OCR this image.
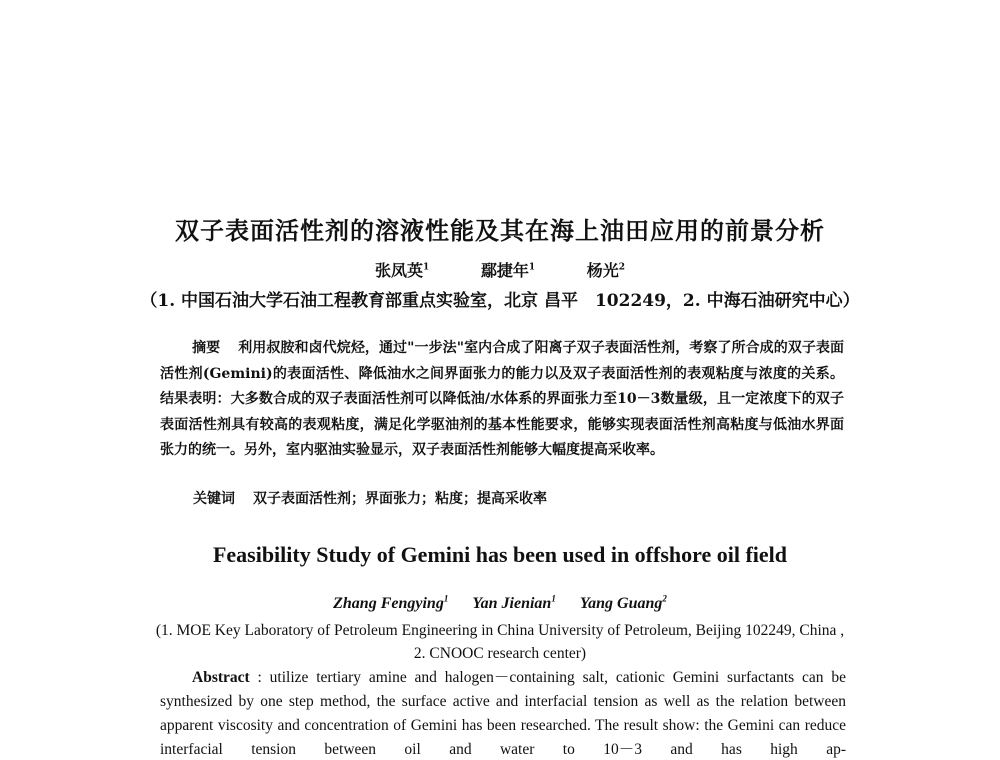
双子表面活性剂的溶液性能及其在海上油田应用的前景分析
张凤英$^1$	鄢捷年$^1$	杨光$^2$
（1. 中国石油大学石油工程教育部重点实验室，北京 昌平　102249，2. 中海石油研究中心）
摘要 利用叔胺和卤代烷烃，通过"一步法"室内合成了阳离子双子表面活性剂，考察了所合成的双子表面活性剂(Gemini)的表面活性、降低油水之间界面张力的能力以及双子表面活性剂的表观粘度与浓度的关系。结果表明：大多数合成的双子表面活性剂可以降低油/水体系的界面张力至10－3数量级，且一定浓度下的双子表面活性剂具有较高的表观粘度，满足化学驱油剂的基本性能要求，能够实现表面活性剂高粘度与低油水界面张力的统一。另外，室内驱油实验显示，双子表面活性剂能够大幅度提高采收率。
关键词 双子表面活性剂；界面张力；粘度；提高采收率
Feasibility Study of Gemini has been used in offshore oil field
Zhang Fengying$^1$ Yan Jienian$^1$ Yang Guang$^2$
(1. MOE Key Laboratory of Petroleum Engineering in China University of Petroleum, Beijing 102249, China ,
2. CNOOC research center)
Abstract : utilize tertiary amine and halogen－containing salt, cationic Gemini surfactants can be synthesized by one step method, the surface active and interfacial tension as well as the relation between apparent viscosity and concentration of Gemini has been researched. The result show: the Gemini can reduce interfacial tension between oil and water to 10－3 and has high ap-
